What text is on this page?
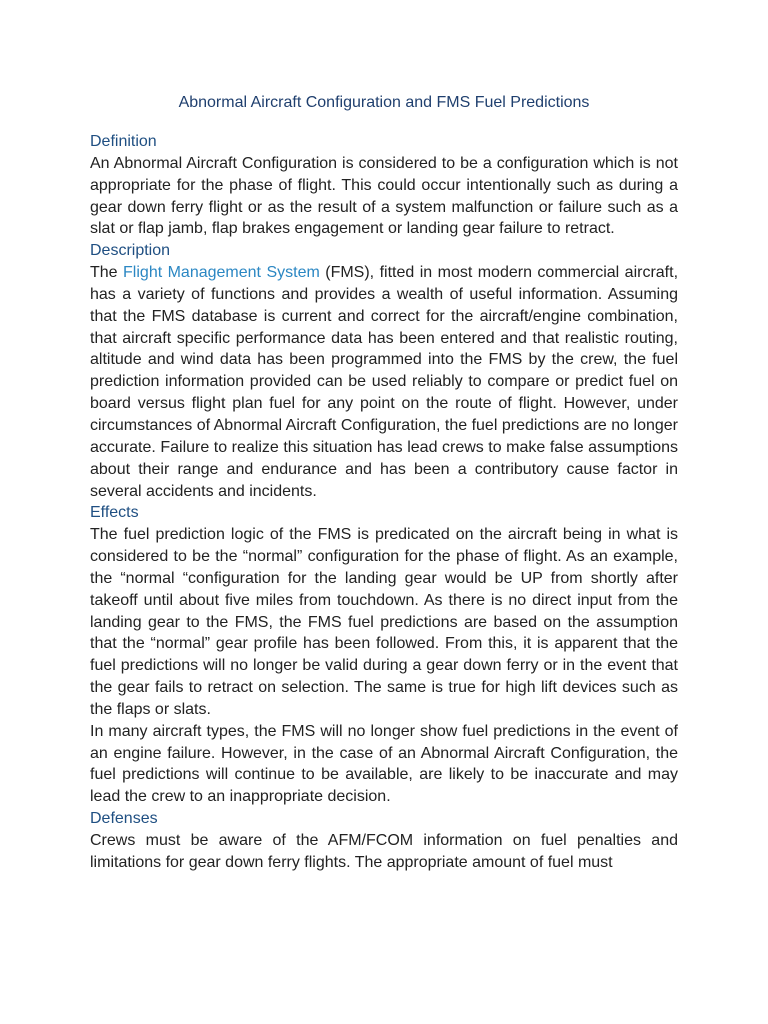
Abnormal Aircraft Configuration and FMS Fuel Predictions
Definition

An Abnormal Aircraft Configuration is considered to be a configuration which is not appropriate for the phase of flight. This could occur intentionally such as during a gear down ferry flight or as the result of a system malfunction or failure such as a slat or flap jamb, flap brakes engagement or landing gear failure to retract.

Description

The Flight Management System (FMS), fitted in most modern commercial aircraft, has a variety of functions and provides a wealth of useful information. Assuming that the FMS database is current and correct for the aircraft/engine combination, that aircraft specific performance data has been entered and that realistic routing, altitude and wind data has been programmed into the FMS by the crew, the fuel prediction information provided can be used reliably to compare or predict fuel on board versus flight plan fuel for any point on the route of flight. However, under circumstances of Abnormal Aircraft Configuration, the fuel predictions are no longer accurate. Failure to realize this situation has lead crews to make false assumptions about their range and endurance and has been a contributory cause factor in several accidents and incidents.

Effects

The fuel prediction logic of the FMS is predicated on the aircraft being in what is considered to be the “normal” configuration for the phase of flight. As an example, the “normal “configuration for the landing gear would be UP from shortly after takeoff until about five miles from touchdown. As there is no direct input from the landing gear to the FMS, the FMS fuel predictions are based on the assumption that the “normal” gear profile has been followed. From this, it is apparent that the fuel predictions will no longer be valid during a gear down ferry or in the event that the gear fails to retract on selection. The same is true for high lift devices such as the flaps or slats.

In many aircraft types, the FMS will no longer show fuel predictions in the event of an engine failure. However, in the case of an Abnormal Aircraft Configuration, the fuel predictions will continue to be available, are likely to be inaccurate and may lead the crew to an inappropriate decision.

Defenses

Crews must be aware of the AFM/FCOM information on fuel penalties and limitations for gear down ferry flights. The appropriate amount of fuel must
